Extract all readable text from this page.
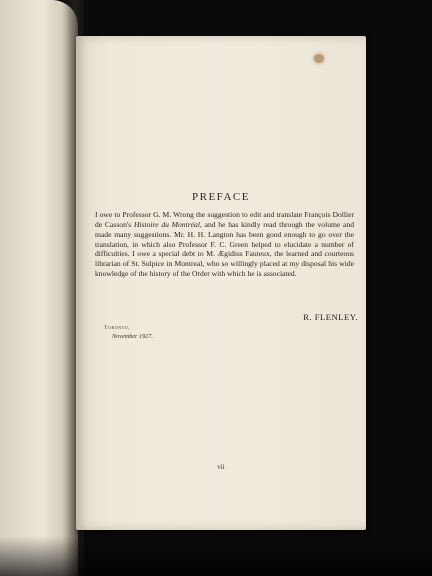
PREFACE

I owe to Professor G. M. Wrong the suggestion to edit and translate François Dollier de Casson's Histoire du Montréal, and he has kindly read through the volume and made many suggestions. Mr. H. H. Langton has been good enough to go over the translation, in which also Professor F. C. Green helped to elucidate a number of difficulties. I owe a special debt to M. Ægidius Fauteux, the learned and courteous librarian of St. Sulpice in Montreal, who so willingly placed at my disposal his wide knowledge of the history of the Order with which he is associated.

R. FLENLEY.
Toronto,
November 1927.
vii
